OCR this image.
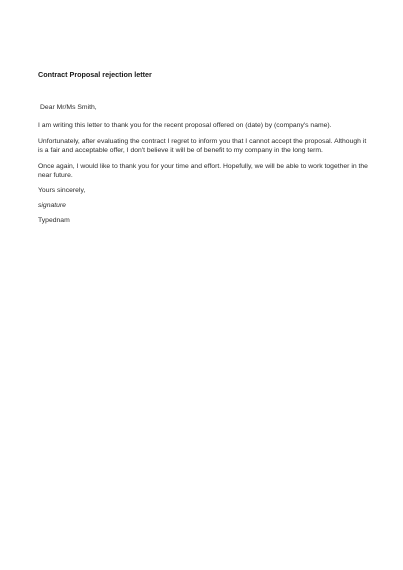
Contract Proposal rejection letter
Dear Mr/Ms Smith,
I am writing this letter to thank you for the recent proposal offered on (date) by (company's name).
Unfortunately, after evaluating the contract I regret to inform you that I cannot accept the proposal. Although it is a fair and acceptable offer, I don't believe it will be of benefit to my company in the long term.
Once again, I would like to thank you for your time and effort. Hopefully, we will be able to work together in the near future.
Yours sincerely,
signature
Typednam
